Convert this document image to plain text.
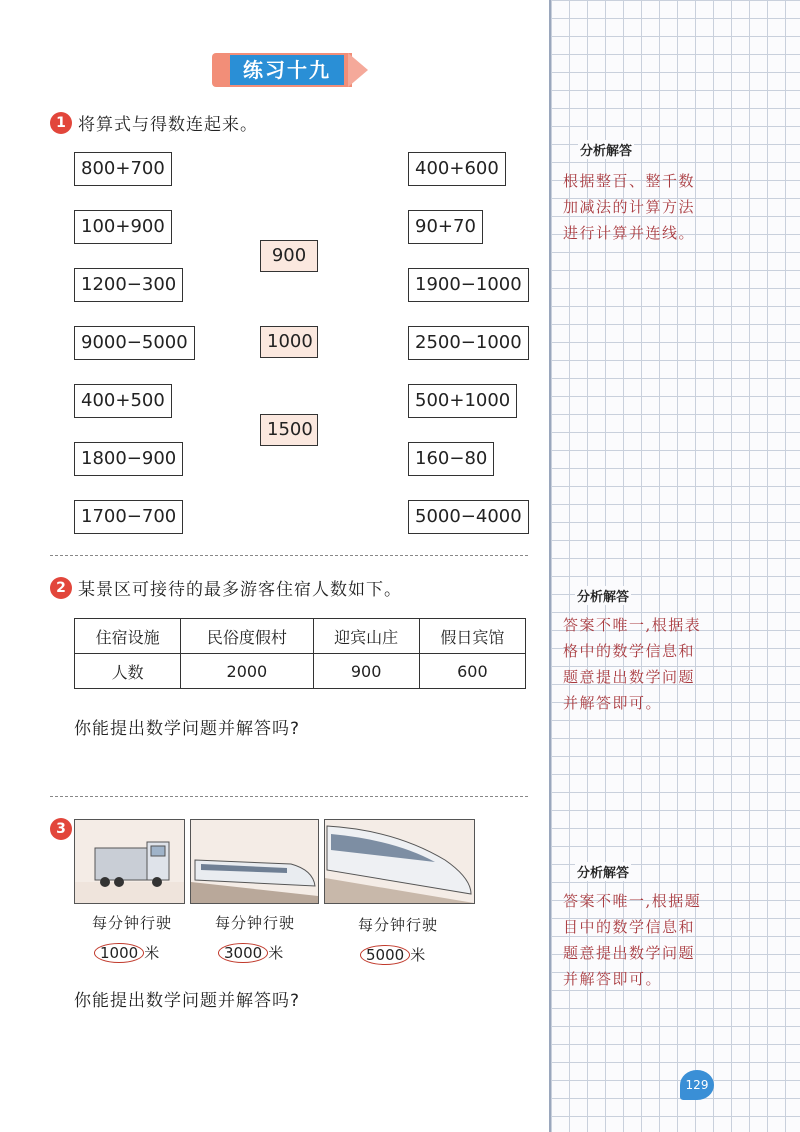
分析解答
根据整百、整千数加减法的计算方法进行计算并连线。
分析解答
答案不唯一,根据表格中的数学信息和题意提出数学问题并解答即可。
分析解答
答案不唯一,根据题目中的数学信息和题意提出数学问题并解答即可。
练习十九
1 将算式与得数连起来。
800+700
100+900
1200−300
9000−5000
400+500
1800−900
1700−700
900
1000
1500
400+600
90+70
1900−1000
2500−1000
500+1000
160−80
5000−4000
2 某景区可接待的最多游客住宿人数如下。
住宿设施	民俗度假村	迎宾山庄	假日宾馆
人数	2000	900	600
你能提出数学问题并解答吗?
3
每分钟行驶	每分钟行驶	每分钟行驶
1000 米	3000 米	5000 米
你能提出数学问题并解答吗?
129
